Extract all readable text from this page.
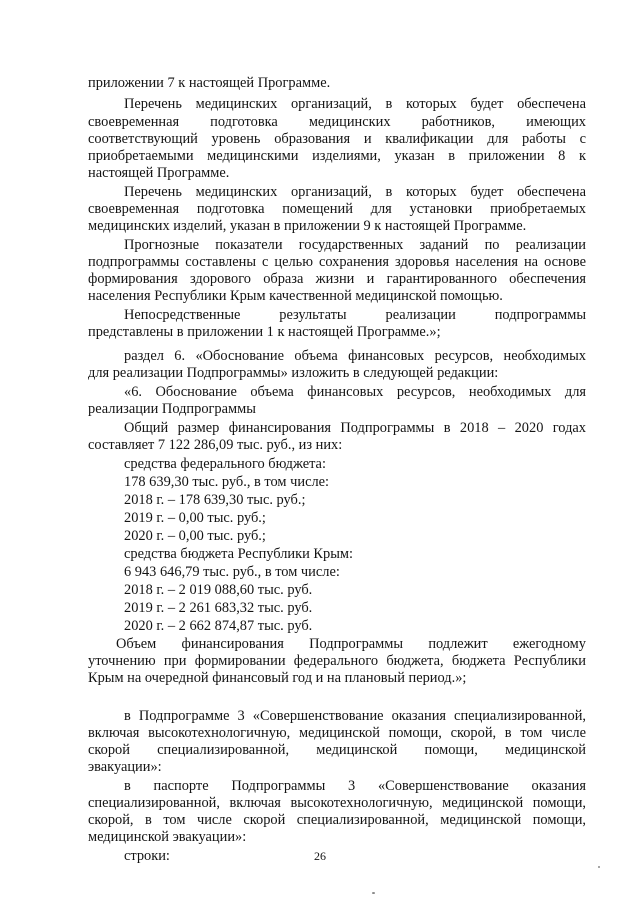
приложении 7 к настоящей Программе.
Перечень медицинских организаций, в которых будет обеспечена
своевременная подготовка медицинских работников, имеющих
соответствующий уровень образования и квалификации для работы с
приобретаемыми медицинскими изделиями, указан в приложении 8 к
настоящей Программе.
Перечень медицинских организаций, в которых будет обеспечена
своевременная подготовка помещений для установки приобретаемых
медицинских изделий, указан в приложении 9 к настоящей Программе.
Прогнозные показатели государственных заданий по реализации
подпрограммы составлены с целью сохранения здоровья населения на основе
формирования здорового образа жизни и гарантированного обеспечения
населения Республики Крым качественной медицинской помощью.
Непосредственные результаты реализации подпрограммы
представлены в приложении 1 к настоящей Программе.»;
раздел 6. «Обоснование объема финансовых ресурсов, необходимых
для реализации Подпрограммы» изложить в следующей редакции:
«6. Обоснование объема финансовых ресурсов, необходимых для
реализации Подпрограммы
Общий размер финансирования Подпрограммы в 2018 – 2020 годах
составляет 7 122 286,09 тыс. руб., из них:
средства федерального бюджета:
178 639,30 тыс. руб., в том числе:
2018 г. – 178 639,30 тыс. руб.;
2019 г. – 0,00 тыс. руб.;
2020 г. – 0,00 тыс. руб.;
средства бюджета Республики Крым:
6 943 646,79 тыс. руб., в том числе:
2018 г. – 2 019 088,60 тыс. руб.
2019 г. – 2 261 683,32 тыс. руб.
2020 г. – 2 662 874,87 тыс. руб.
Объем финансирования Подпрограммы подлежит ежегодному
уточнению при формировании федерального бюджета, бюджета Республики
Крым на очередной финансовый год и на плановый период.»;
в Подпрограмме 3 «Совершенствование оказания специализированной,
включая высокотехнологичную, медицинской помощи, скорой, в том числе
скорой специализированной, медицинской помощи, медицинской
эвакуации»:
в паспорте Подпрограммы 3 «Совершенствование оказания
специализированной, включая высокотехнологичную, медицинской помощи,
скорой, в том числе скорой специализированной, медицинской помощи,
медицинской эвакуации»:
строки:	26
